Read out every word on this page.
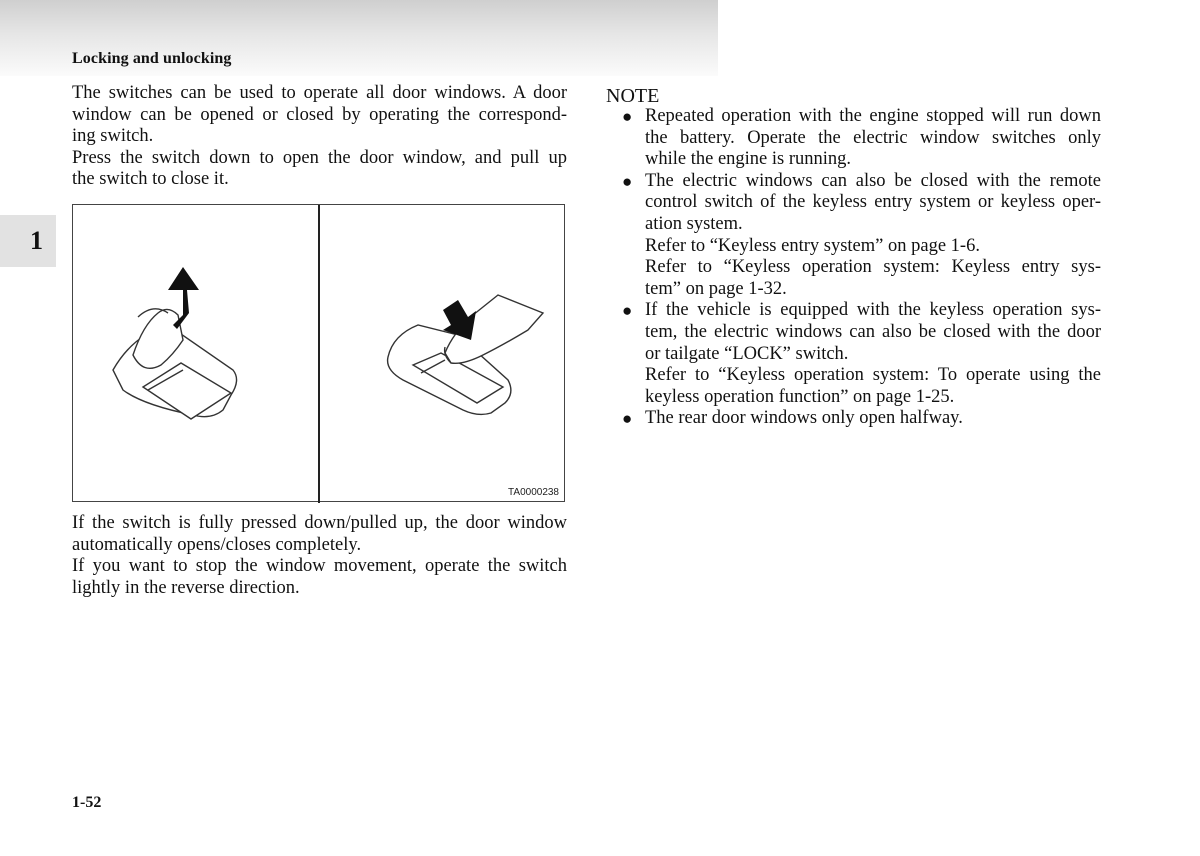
Locking and unlocking
1
The switches can be used to operate all door windows. A door
window can be opened or closed by operating the correspond-
ing switch.
Press the switch down to open the door window, and pull up
the switch to close it.
TA0000238
If the switch is fully pressed down/pulled up, the door window
automatically opens/closes completely.
If you want to stop the window movement, operate the switch
lightly in the reverse direction.
NOTE
● Repeated operation with the engine stopped will run down
the battery. Operate the electric window switches only
while the engine is running.
● The electric windows can also be closed with the remote
control switch of the keyless entry system or keyless oper-
ation system.
Refer to “Keyless entry system” on page 1-6.
Refer to “Keyless operation system: Keyless entry sys-
tem” on page 1-32.
● If the vehicle is equipped with the keyless operation sys-
tem, the electric windows can also be closed with the door
or tailgate “LOCK” switch.
Refer to “Keyless operation system: To operate using the
keyless operation function” on page 1-25.
● The rear door windows only open halfway.
1-52
